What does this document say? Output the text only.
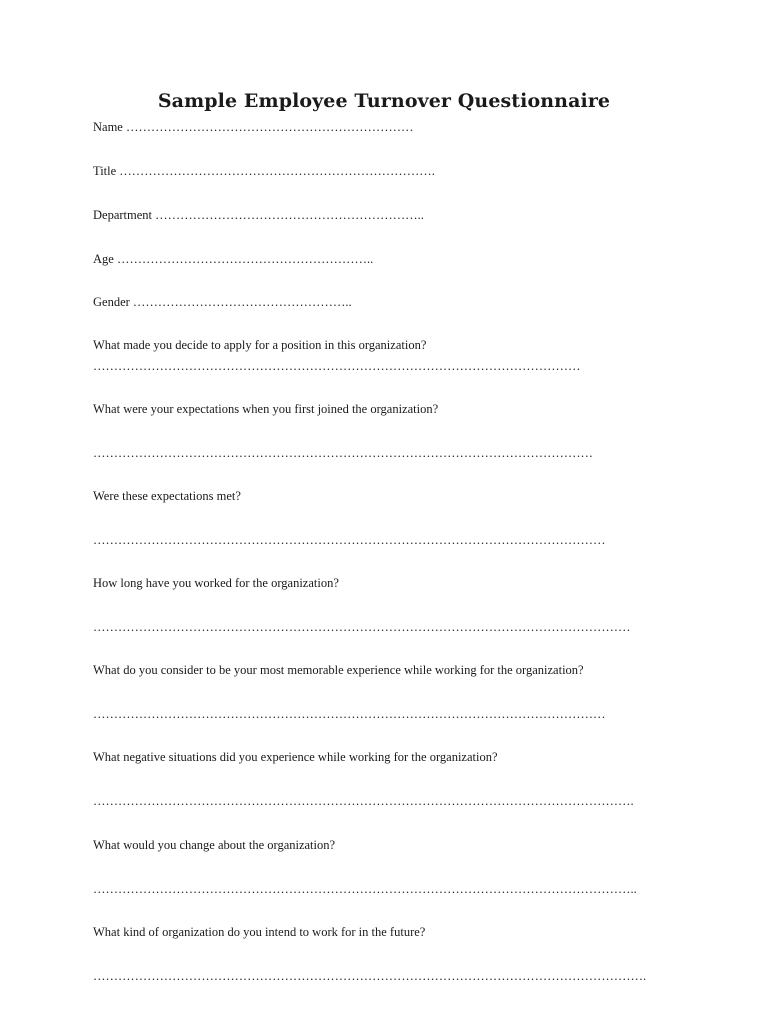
Sample Employee Turnover Questionnaire
Name ……………………………………………………………
Title ………………………………………………………………….
Department ………………………………………………………..
Age ……………………………………………………..
Gender ……………………………………………..
What made you decide to apply for a position in this organization?
………………………………………………………………………………………………………
What were your expectations when you first joined the organization?
…………………………………………………………………………………………………………
Were these expectations met?
……………………………………………………………………………………………………………
How long have you worked for the organization?
…………………………………………………………………………………………………………………
What do you consider to be your most memorable experience while working for the organization?
……………………………………………………………………………………………………………
What negative situations did you experience while working for the organization?
………………………………………………………………………………………………………………….
What would you change about the organization?
…………………………………………………………………………………………………………………..
What kind of organization do you intend to work for in the future?
…………………………………………………………………………………………………………………….
